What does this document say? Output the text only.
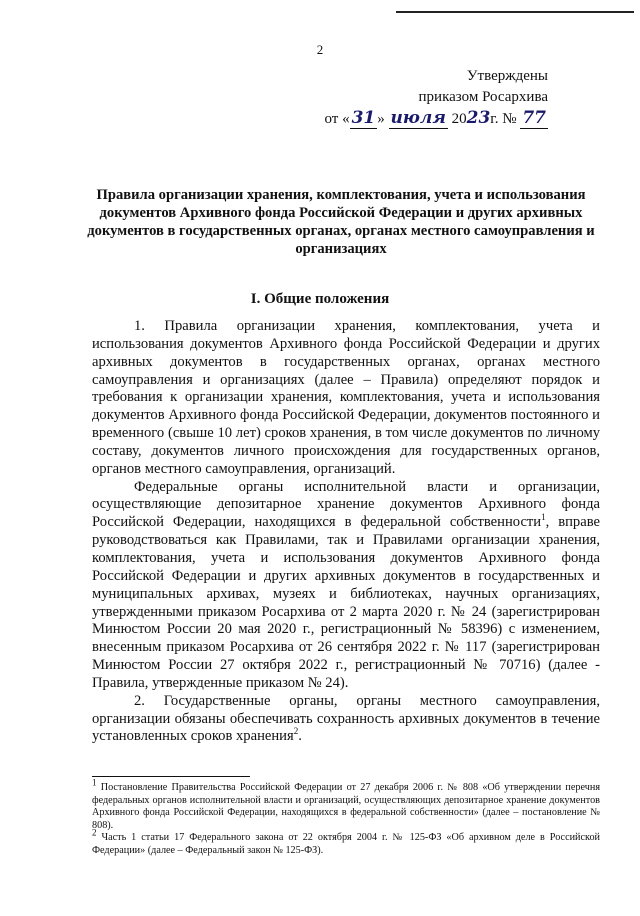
2
Утверждены
приказом Росархива
от « 31 » июля 2023г. № 77
Правила организации хранения, комплектования, учета и использования документов Архивного фонда Российской Федерации и других архивных документов в государственных органах, органах местного самоуправления и организациях
I. Общие положения

1. Правила организации хранения, комплектования, учета и использования документов Архивного фонда Российской Федерации и других архивных документов в государственных органах, органах местного самоуправления и организациях (далее – Правила) определяют порядок и требования к организации хранения, комплектования, учета и использования документов Архивного фонда Российской Федерации, документов постоянного и временного (свыше 10 лет) сроков хранения, в том числе документов по личному составу, документов личного происхождения для государственных органов, органов местного самоуправления, организаций.

Федеральные органы исполнительной власти и организации, осуществляющие депозитарное хранение документов Архивного фонда Российской Федерации, находящихся в федеральной собственности$^1$, вправе руководствоваться как Правилами, так и Правилами организации хранения, комплектования, учета и использования документов Архивного фонда Российской Федерации и других архивных документов в государственных и муниципальных архивах, музеях и библиотеках, научных организациях, утвержденными приказом Росархива от 2 марта 2020 г. № 24 (зарегистрирован Минюстом России 20 мая 2020 г., регистрационный № 58396) с изменением, внесенным приказом Росархива от 26 сентября 2022 г. № 117 (зарегистрирован Минюстом России 27 октября 2022 г., регистрационный № 70716) (далее - Правила, утвержденные приказом № 24).

2. Государственные органы, органы местного самоуправления, организации обязаны обеспечивать сохранность архивных документов в течение установленных сроков хранения$^2$.

$^1$ Постановление Правительства Российской Федерации от 27 декабря 2006 г. № 808 «Об утверждении перечня федеральных органов исполнительной власти и организаций, осуществляющих депозитарное хранение документов Архивного фонда Российской Федерации, находящихся в федеральной собственности» (далее – постановление № 808).

$^2$ Часть 1 статьи 17 Федерального закона от 22 октября 2004 г. № 125-ФЗ «Об архивном деле в Российской Федерации» (далее – Федеральный закон № 125-ФЗ).
